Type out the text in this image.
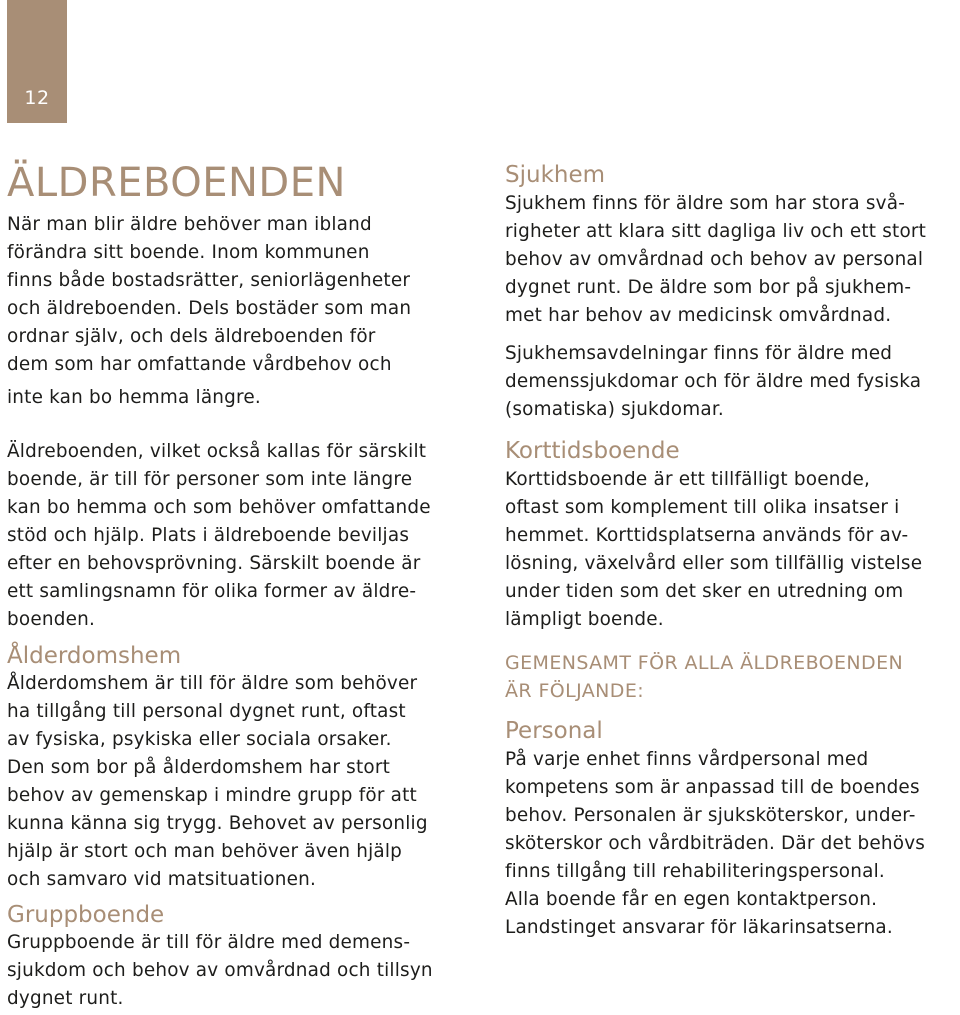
12
ÄLDREBOENDEN
När man blir äldre behöver man ibland
förändra sitt boende. Inom kommunen
finns både bostadsrätter, seniorlägenheter
och äldreboenden. Dels bostäder som man
ordnar själv, och dels äldreboenden för
dem som har omfattande vårdbehov och
inte kan bo hemma längre.
Äldreboenden, vilket också kallas för särskilt
boende, är till för personer som inte längre
kan bo hemma och som behöver omfattande
stöd och hjälp. Plats i äldreboende beviljas
efter en behovsprövning. Särskilt boende är
ett samlingsnamn för olika former av äldre-
boenden.
Ålderdomshem
Ålderdomshem är till för äldre som behöver
ha tillgång till personal dygnet runt, oftast
av fysiska, psykiska eller sociala orsaker.
Den som bor på ålderdomshem har stort
behov av gemenskap i mindre grupp för att
kunna känna sig trygg. Behovet av personlig
hjälp är stort och man behöver även hjälp
och samvaro vid matsituationen.
Gruppboende
Gruppboende är till för äldre med demens-
sjukdom och behov av omvårdnad och tillsyn
dygnet runt.
Sjukhem
Sjukhem finns för äldre som har stora svå-
righeter att klara sitt dagliga liv och ett stort
behov av omvårdnad och behov av personal
dygnet runt. De äldre som bor på sjukhem-
met har behov av medicinsk omvårdnad.
Sjukhemsavdelningar finns för äldre med
demenssjukdomar och för äldre med fysiska
(somatiska) sjukdomar.
Korttidsboende
Korttidsboende är ett tillfälligt boende,
oftast som komplement till olika insatser i
hemmet. Korttidsplatserna används för av-
lösning, växelvård eller som tillfällig vistelse
under tiden som det sker en utredning om
lämpligt boende.
GEMENSAMT FÖR ALLA ÄLDREBOENDEN
ÄR FÖLJANDE:
Personal
På varje enhet finns vårdpersonal med
kompetens som är anpassad till de boendes
behov. Personalen är sjuksköterskor, under-
sköterskor och vårdbiträden. Där det behövs
finns tillgång till rehabiliteringspersonal.
Alla boende får en egen kontaktperson.
Landstinget ansvarar för läkarinsatserna.
